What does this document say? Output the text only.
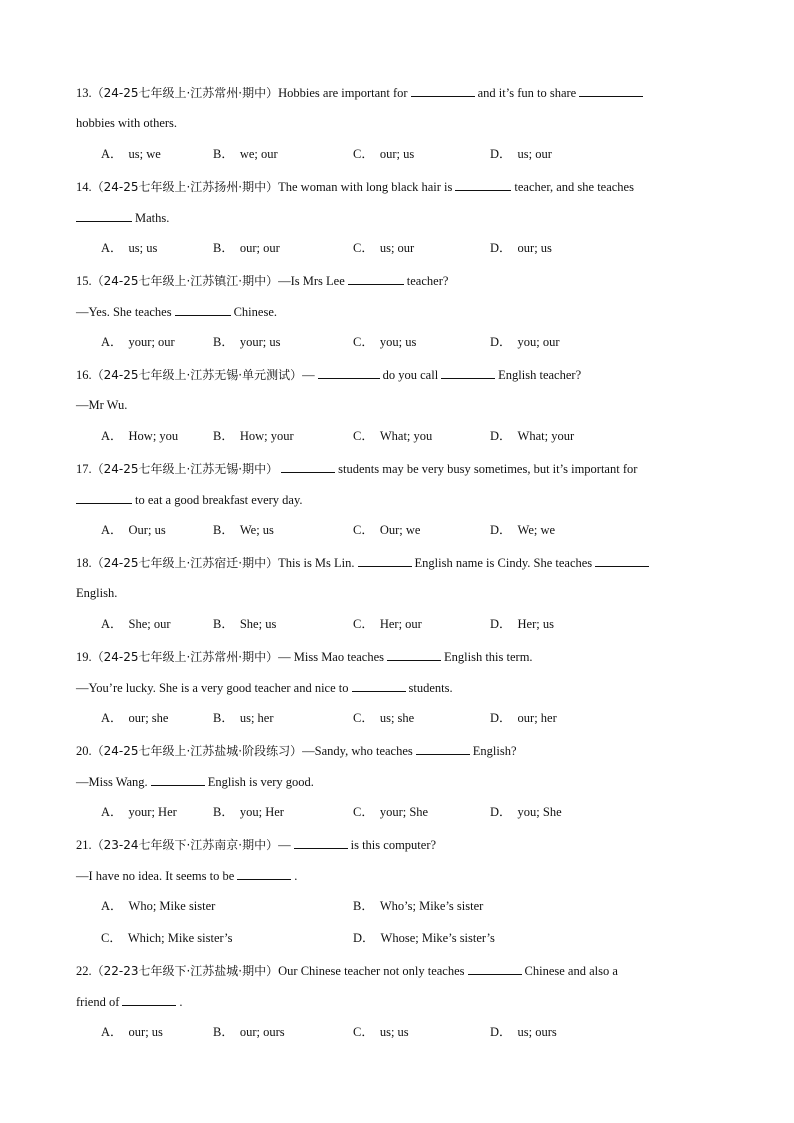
13.（24-25七年级上·江苏常州·期中）Hobbies are important for	and it’s fun to share
hobbies with others.
A． us; we	B． we; our	C． our; us	D． us; our
14.（24-25七年级上·江苏扬州·期中）The woman with long black hair is	teacher, and she teaches
Maths.
A． us; us	B． our; our	C． us; our	D． our; us
15.（24-25七年级上·江苏镇江·期中）—Is Mrs Lee	teacher?
—Yes. She teaches	Chinese.
A． your; our	B． your; us	C． you; us	D． you; our
16.（24-25七年级上·江苏无锡·单元测试）—	do you call	English teacher?
—Mr Wu.
A． How; you	B． How; your	C． What; you	D． What; your
17.（24-25七年级上·江苏无锡·期中）	students may be very busy sometimes, but it’s important for
to eat a good breakfast every day.
A． Our; us	B． We; us	C． Our; we	D． We; we
18.（24-25七年级上·江苏宿迁·期中）This is Ms Lin.	English name is Cindy. She teaches
English.
A． She; our	B． She; us	C． Her; our	D． Her; us
19.（24-25七年级上·江苏常州·期中）— Miss Mao teaches	English this term.
—You’re lucky. She is a very good teacher and nice to	students.
A． our; she	B． us; her	C． us; she	D． our; her
20.（24-25七年级上·江苏盐城·阶段练习）—Sandy, who teaches	English?
—Miss Wang.	English is very good.
A． your; Her	B． you; Her	C． your; She	D． you; She
21.（23-24七年级下·江苏南京·期中）—	is this computer?
—I have no idea. It seems to be	.
A． Who; Mike sister	B． Who’s; Mike’s sister
C． Which; Mike sister’s	D． Whose; Mike’s sister’s
22.（22-23七年级下·江苏盐城·期中）Our Chinese teacher not only teaches	Chinese and also a
friend of	.
A． our; us	B． our; ours	C． us; us	D． us; ours
